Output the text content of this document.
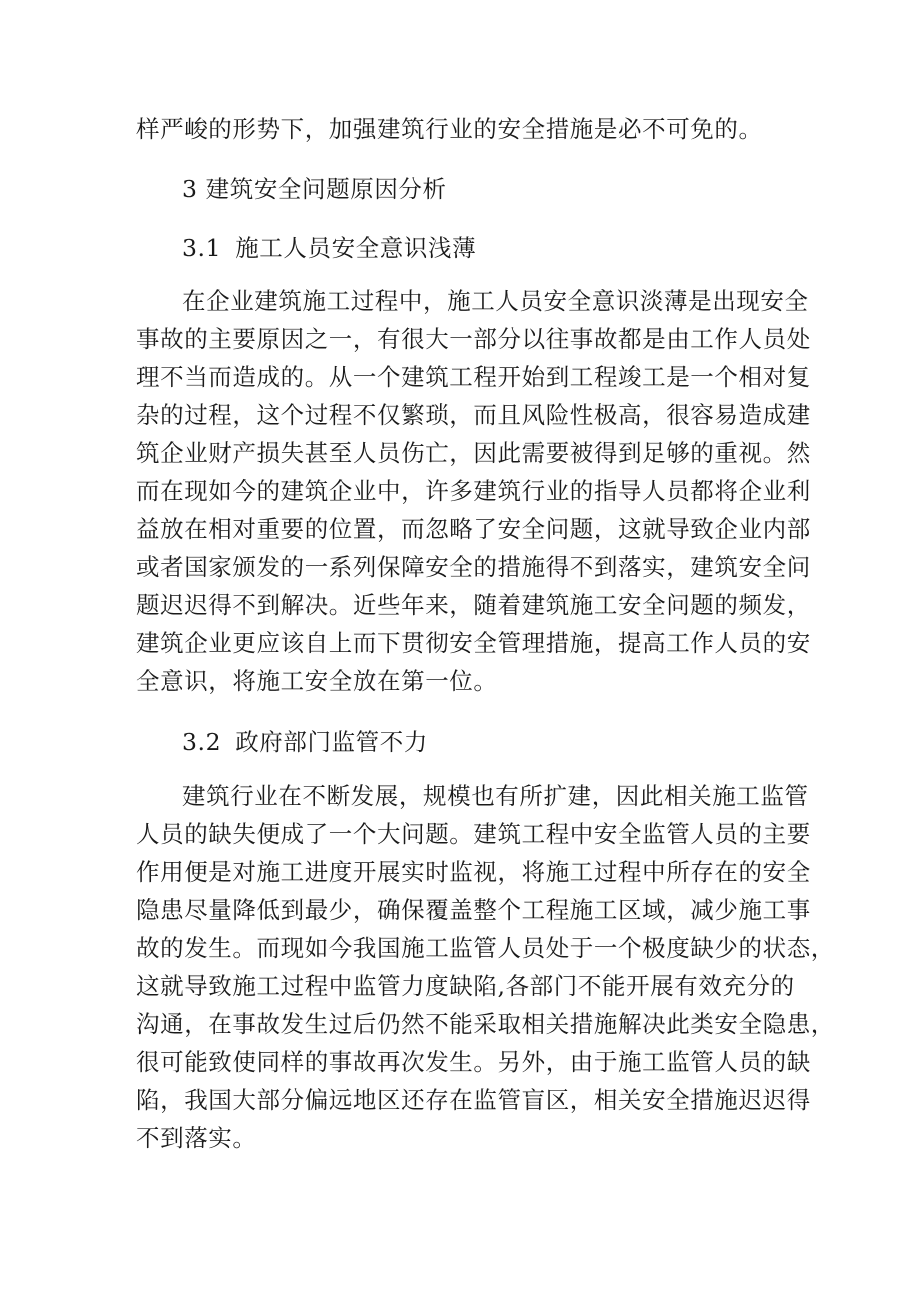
样严峻的形势下，加强建筑行业的安全措施是必不可免的。
3 建筑安全问题原因分析
3.1 施工人员安全意识浅薄
在企业建筑施工过程中，施工人员安全意识淡薄是出现安全
事故的主要原因之一，有很大一部分以往事故都是由工作人员处
理不当而造成的。从一个建筑工程开始到工程竣工是一个相对复
杂的过程，这个过程不仅繁琐，而且风险性极高，很容易造成建
筑企业财产损失甚至人员伤亡，因此需要被得到足够的重视。然
而在现如今的建筑企业中，许多建筑行业的指导人员都将企业利
益放在相对重要的位置，而忽略了安全问题，这就导致企业内部
或者国家颁发的一系列保障安全的措施得不到落实，建筑安全问
题迟迟得不到解决。近些年来，随着建筑施工安全问题的频发，
建筑企业更应该自上而下贯彻安全管理措施，提高工作人员的安
全意识，将施工安全放在第一位。
3.2 政府部门监管不力
建筑行业在不断发展，规模也有所扩建，因此相关施工监管
人员的缺失便成了一个大问题。建筑工程中安全监管人员的主要
作用便是对施工进度开展实时监视，将施工过程中所存在的安全
隐患尽量降低到最少，确保覆盖整个工程施工区域，减少施工事
故的发生。而现如今我国施工监管人员处于一个极度缺少的状态，
这就导致施工过程中监管力度缺陷,各部门不能开展有效充分的
沟通，在事故发生过后仍然不能采取相关措施解决此类安全隐患，
很可能致使同样的事故再次发生。另外，由于施工监管人员的缺
陷，我国大部分偏远地区还存在监管盲区，相关安全措施迟迟得
不到落实。
